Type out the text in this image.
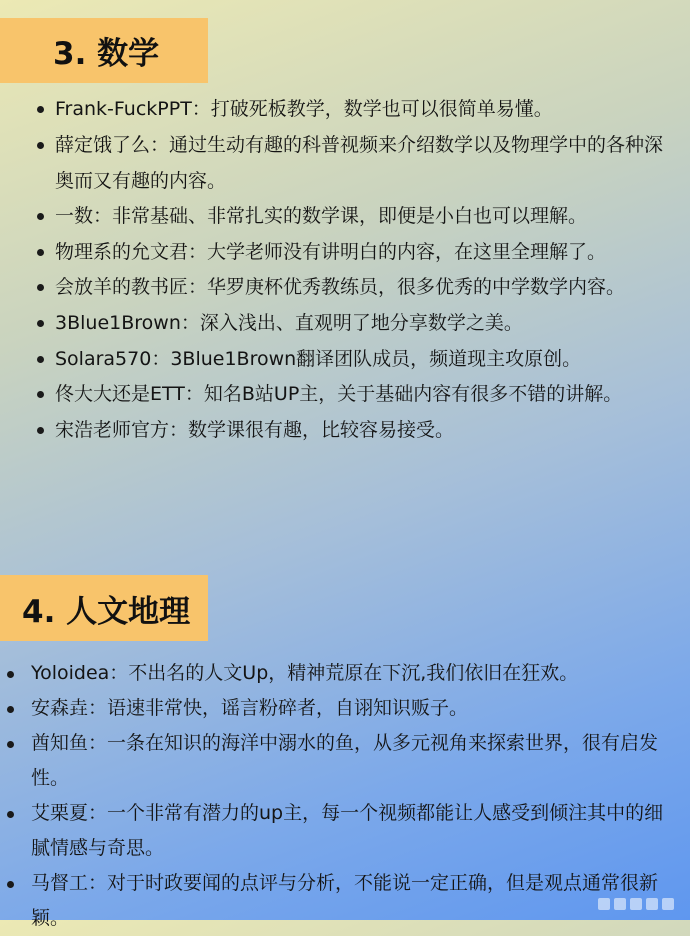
3. 数学
Frank-FuckPPT：打破死板教学，数学也可以很简单易懂。
薛定饿了么：通过生动有趣的科普视频来介绍数学以及物理学中的各种深奥而又有趣的内容。
一数：非常基础、非常扎实的数学课，即便是小白也可以理解。
物理系的允文君：大学老师没有讲明白的内容，在这里全理解了。
会放羊的教书匠：华罗庚杯优秀教练员，很多优秀的中学数学内容。
3Blue1Brown：深入浅出、直观明了地分享数学之美。
Solara570：3Blue1Brown翻译团队成员，频道现主攻原创。
佟大大还是ETT：知名B站UP主，关于基础内容有很多不错的讲解。
宋浩老师官方：数学课很有趣，比较容易接受。
4. 人文地理
Yoloidea：不出名的人文Up，精神荒原在下沉,我们依旧在狂欢。
安森垚：语速非常快，谣言粉碎者，自诩知识贩子。
酋知鱼：一条在知识的海洋中溺水的鱼，从多元视角来探索世界，很有启发性。
艾栗夏：一个非常有潜力的up主，每一个视频都能让人感受到倾注其中的细腻情感与奇思。
马督工：对于时政要闻的点评与分析，不能说一定正确，但是观点通常很新颖。
